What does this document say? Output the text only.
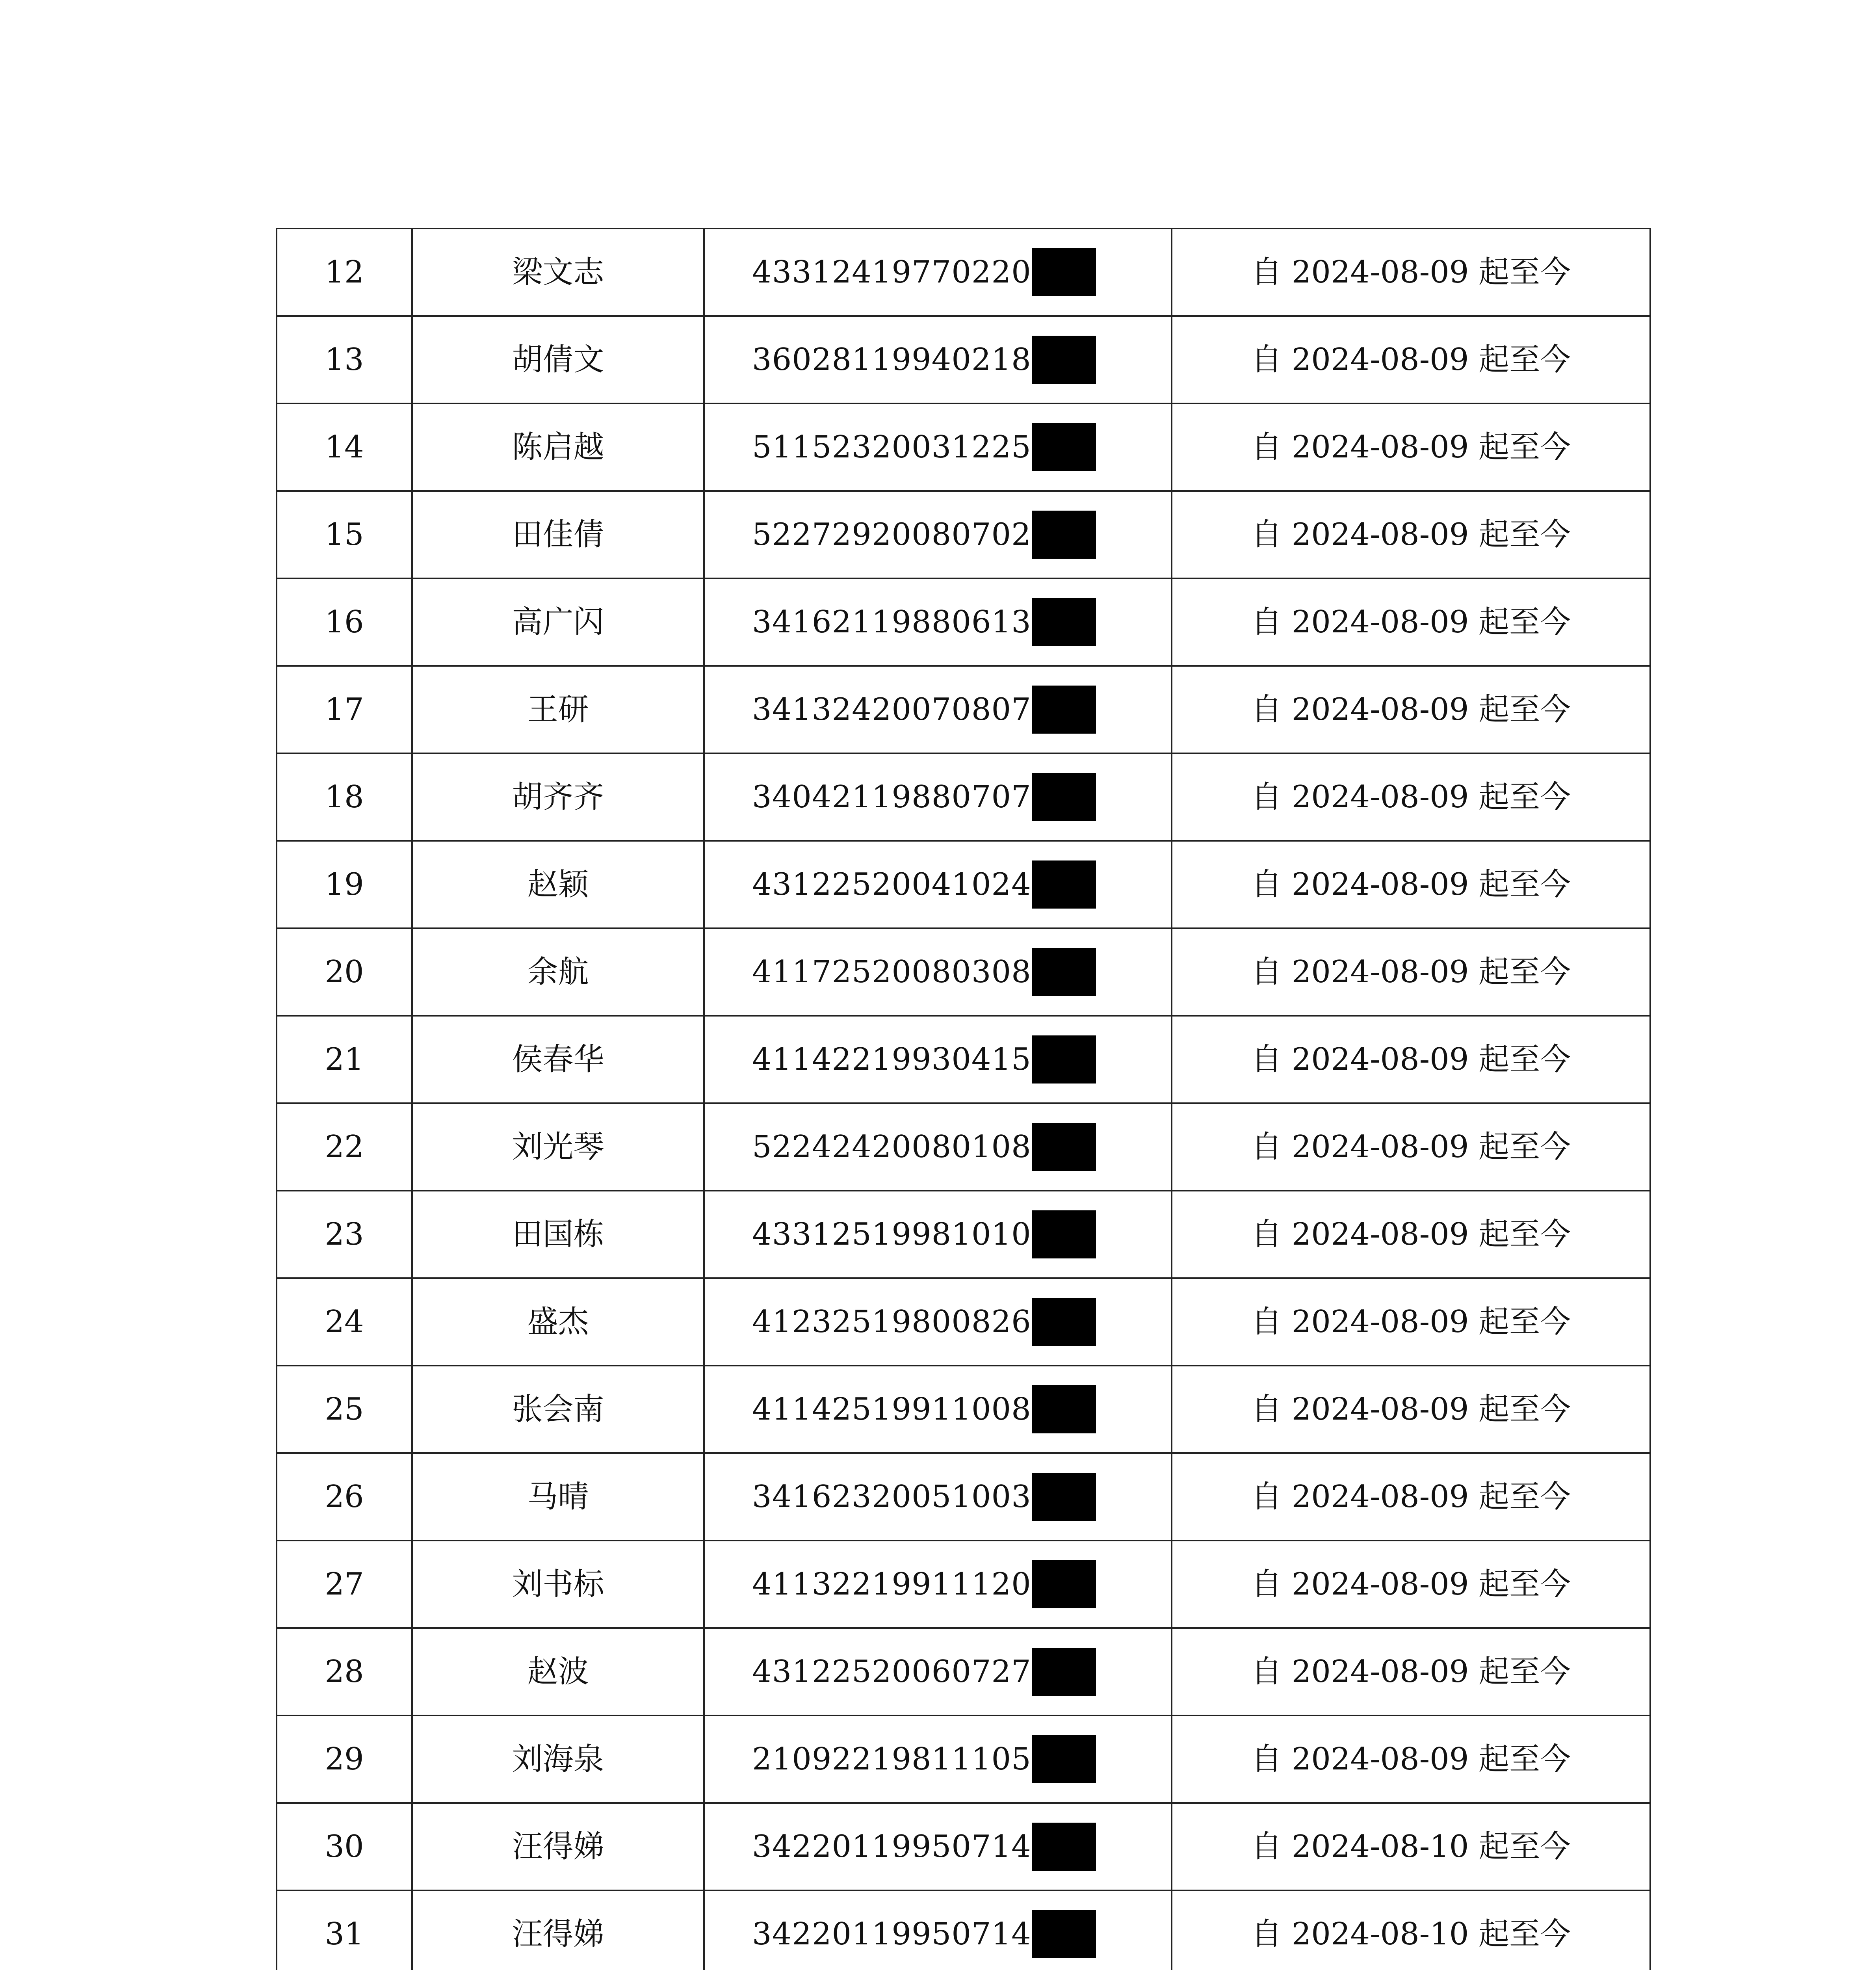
12	梁文志	43312419770220	自 2024-08-09 起至今
13	胡倩文	36028119940218	自 2024-08-09 起至今
14	陈启越	51152320031225	自 2024-08-09 起至今
15	田佳倩	52272920080702	自 2024-08-09 起至今
16	高广闪	34162119880613	自 2024-08-09 起至今
17	王研	34132420070807	自 2024-08-09 起至今
18	胡齐齐	34042119880707	自 2024-08-09 起至今
19	赵颖	43122520041024	自 2024-08-09 起至今
20	余航	41172520080308	自 2024-08-09 起至今
21	侯春华	41142219930415	自 2024-08-09 起至今
22	刘光琴	52242420080108	自 2024-08-09 起至今
23	田国栋	43312519981010	自 2024-08-09 起至今
24	盛杰	41232519800826	自 2024-08-09 起至今
25	张会南	41142519911008	自 2024-08-09 起至今
26	马晴	34162320051003	自 2024-08-09 起至今
27	刘书标	41132219911120	自 2024-08-09 起至今
28	赵波	43122520060727	自 2024-08-09 起至今
29	刘海泉	21092219811105	自 2024-08-09 起至今
30	汪得娣	34220119950714	自 2024-08-10 起至今
31	汪得娣	34220119950714	自 2024-08-10 起至今
